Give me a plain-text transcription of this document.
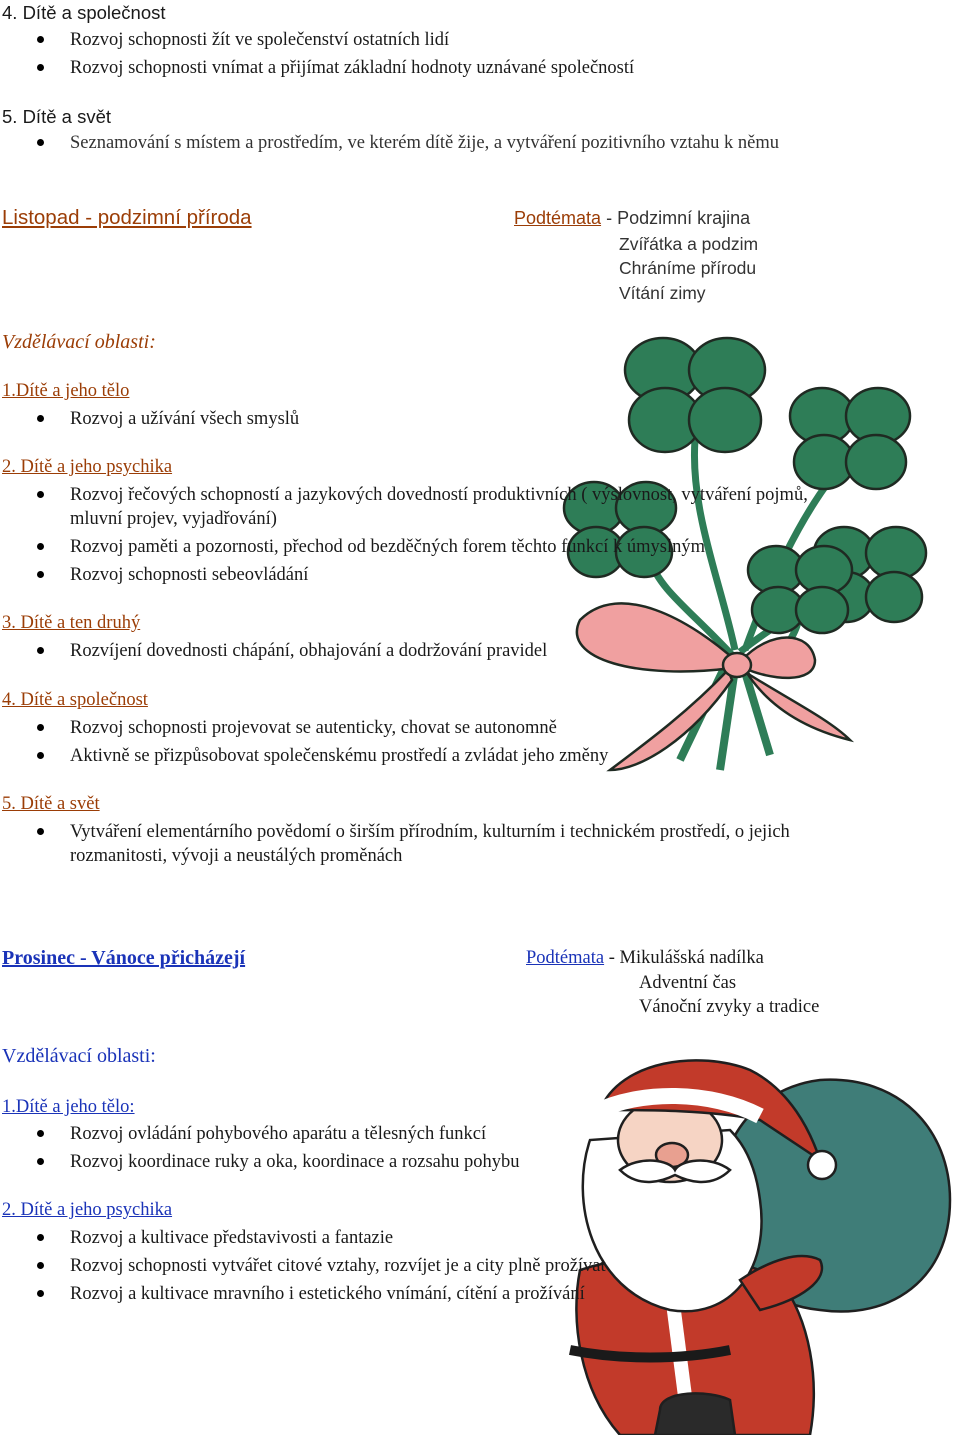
4. Dítě a společnost
Rozvoj schopnosti žít ve společenství ostatních lidí
Rozvoj schopnosti vnímat a přijímat základní hodnoty uznávané společností
5. Dítě a svět
Seznamování s místem a prostředím, ve kterém dítě žije, a vytváření pozitivního vztahu k němu
Listopad - podzimní příroda	Podtémata - Podzimní krajina
Zvířátka a podzim
Chráníme přírodu
Vítání zimy
Vzdělávací oblasti:
1.Dítě a jeho tělo
Rozvoj a užívání všech smyslů
2. Dítě a jeho psychika
Rozvoj řečových schopností a jazykových dovedností produktivních ( výslovnost, vytváření pojmů,
mluvní projev, vyjadřování)
Rozvoj paměti a pozornosti, přechod od bezděčných forem těchto funkcí k úmyslným
Rozvoj schopnosti sebeovládání
3. Dítě a ten druhý
Rozvíjení dovednosti chápání, obhajování a dodržování pravidel
4. Dítě a společnost
Rozvoj schopnosti projevovat se autenticky, chovat se autonomně
Aktivně se přizpůsobovat společenskému prostředí a zvládat jeho změny
5. Dítě a svět
Vytváření elementárního povědomí o širším přírodním, kulturním i technickém prostředí, o jejich
rozmanitosti, vývoji a neustálých proměnách
Prosinec - Vánoce přicházejí	Podtémata - Mikulášská nadílka
Adventní čas
Vánoční zvyky a tradice
Vzdělávací oblasti:
1.Dítě a jeho tělo:
Rozvoj ovládání pohybového aparátu a tělesných funkcí
Rozvoj koordinace ruky a oka, koordinace a rozsahu pohybu
2. Dítě a jeho psychika
Rozvoj a kultivace představivosti a fantazie
Rozvoj schopnosti vytvářet citové vztahy, rozvíjet je a city plně prožívat
Rozvoj a kultivace mravního i estetického vnímání, cítění a prožívání
